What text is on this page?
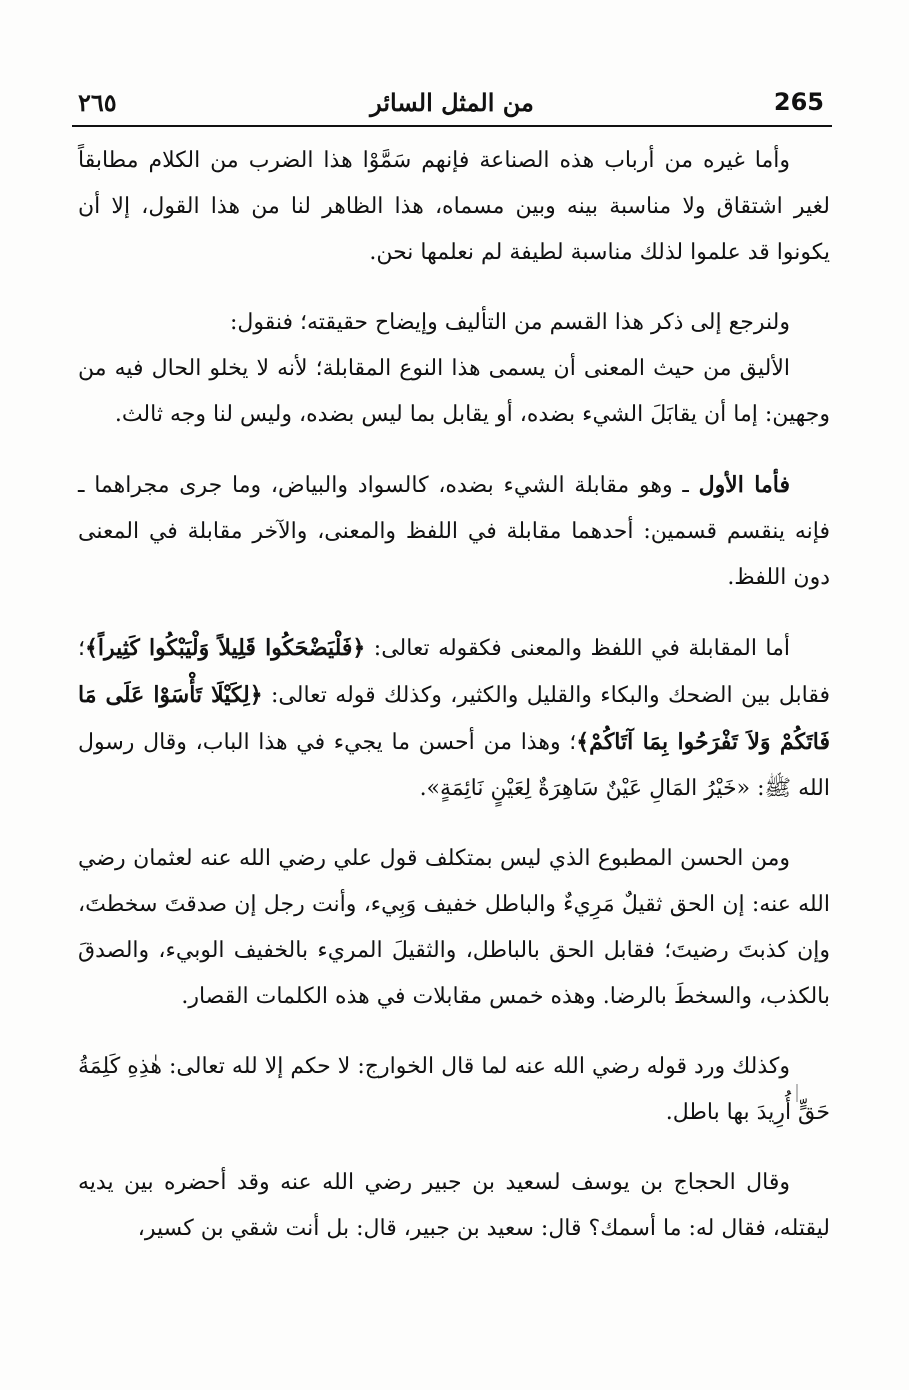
٢٦٥	من المثل السائر	265

وأما غيره من أرباب هذه الصناعة فإنهم سَمَّوْا هذا الضرب من الكلام مطابقاً لغير اشتقاق ولا مناسبة بينه وبين مسماه، هذا الظاهر لنا من هذا القول، إلا أن يكونوا قد علموا لذلك مناسبة لطيفة لم نعلمها نحن.

ولنرجع إلى ذكر هذا القسم من التأليف وإيضاح حقيقته؛ فنقول:

الأليق من حيث المعنى أن يسمى هذا النوع المقابلة؛ لأنه لا يخلو الحال فيه من وجهين: إما أن يقابَلَ الشيء بضده، أو يقابل بما ليس بضده، وليس لنا وجه ثالث.

فأما الأول ـ وهو مقابلة الشيء بضده، كالسواد والبياض، وما جرى مجراهما ـ فإنه ينقسم قسمين: أحدهما مقابلة في اللفظ والمعنى، والآخر مقابلة في المعنى دون اللفظ.

أما المقابلة في اللفظ والمعنى فكقوله تعالى: ﴿فَلْيَضْحَكُوا قَلِيلاً وَلْيَبْكُوا كَثِيراً﴾؛ فقابل بين الضحك والبكاء والقليل والكثير، وكذلك قوله تعالى: ﴿لِكَيْلَا تَأْسَوْا عَلَى مَا فَاتَكُمْ وَلاَ تَفْرَحُوا بِمَا آتَاكُمْ﴾؛ وهذا من أحسن ما يجيء في هذا الباب، وقال رسول الله ﷺ: «خَيْرُ المَالِ عَيْنٌ سَاهِرَةٌ لِعَيْنٍ نَائِمَةٍ».

ومن الحسن المطبوع الذي ليس بمتكلف قول علي رضي الله عنه لعثمان رضي الله عنه: إن الحق ثقيلٌ مَرِيءٌ والباطل خفيف وَبِيء، وأنت رجل إن صدقتَ سخطتَ، وإن كذبتَ رضيتَ؛ فقابل الحق بالباطل، والثقيلَ المريء بالخفيف الوبيء، والصدقَ بالكذب، والسخطَ بالرضا. وهذه خمس مقابلات في هذه الكلمات القصار.

وكذلك ورد قوله رضي الله عنه لما قال الخوارج: لا حكم إلا لله تعالى: هٰذِهِ كَلِمَةُ حَقٍّ أُرِيدَ بها باطل.

وقال الحجاج بن يوسف لسعيد بن جبير رضي الله عنه وقد أحضره بين يديه ليقتله، فقال له: ما أسمك؟ قال: سعيد بن جبير، قال: بل أنت شقي بن كسير،
